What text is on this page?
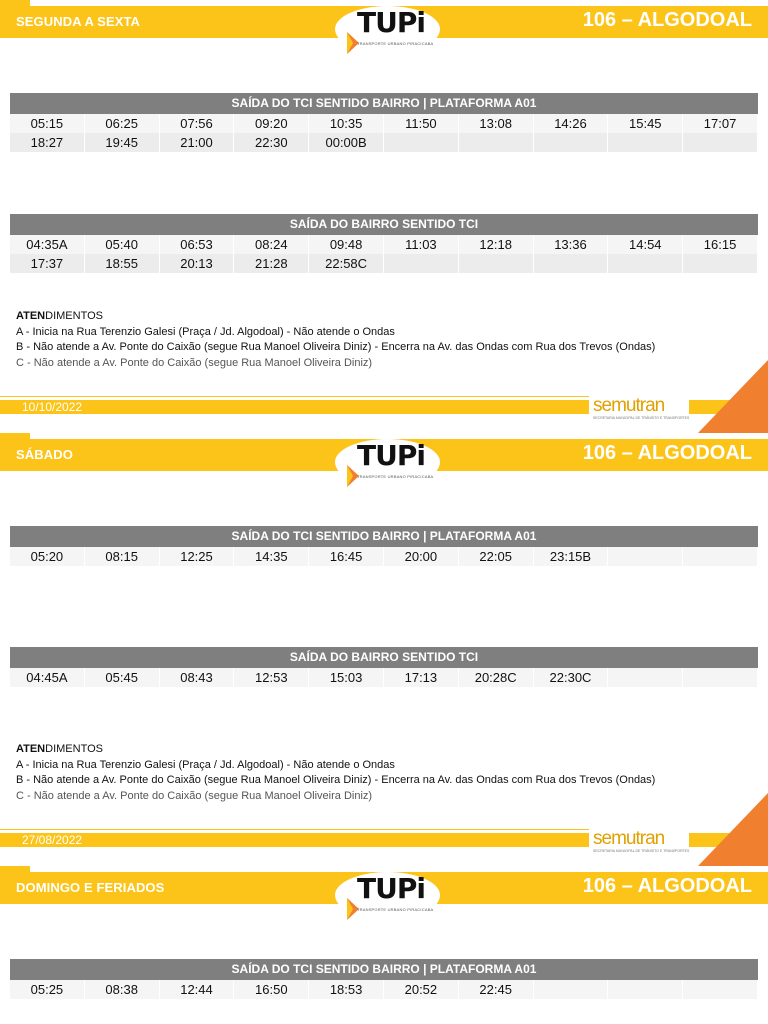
SEGUNDA A SEXTA	106 – ALGODOAL
TUPi
TRANSPORTE URBANO PIRACICABA
SAÍDA DO TCI SENTIDO BAIRRO | PLATAFORMA A01
05:15	06:25	07:56	09:20	10:35	11:50	13:08	14:26	15:45	17:07
18:27	19:45	21:00	22:30	00:00B
SAÍDA DO BAIRRO SENTIDO TCI
04:35A	05:40	06:53	08:24	09:48	11:03	12:18	13:36	14:54	16:15
17:37	18:55	20:13	21:28	22:58C
ATENDIMENTOS
A - Inicia na Rua Terenzio Galesi (Praça / Jd. Algodoal) - Não atende o Ondas
B - Não atende a Av. Ponte do Caixão (segue Rua Manoel Oliveira Diniz) - Encerra na Av. das Ondas com Rua dos Trevos (Ondas)
C - Não atende a Av. Ponte do Caixão (segue Rua Manoel Oliveira Diniz)
10/10/2022	semutran
SECRETARIA MUNICIPAL DE TRÂNSITO E TRANSPORTES
SÁBADO	106 – ALGODOAL
TUPi
TRANSPORTE URBANO PIRACICABA
SAÍDA DO TCI SENTIDO BAIRRO | PLATAFORMA A01
05:20	08:15	12:25	14:35	16:45	20:00	22:05	23:15B
SAÍDA DO BAIRRO SENTIDO TCI
04:45A	05:45	08:43	12:53	15:03	17:13	20:28C	22:30C
ATENDIMENTOS
A - Inicia na Rua Terenzio Galesi (Praça / Jd. Algodoal) - Não atende o Ondas
B - Não atende a Av. Ponte do Caixão (segue Rua Manoel Oliveira Diniz) - Encerra na Av. das Ondas com Rua dos Trevos (Ondas)
C - Não atende a Av. Ponte do Caixão (segue Rua Manoel Oliveira Diniz)
27/08/2022	semutran
SECRETARIA MUNICIPAL DE TRÂNSITO E TRANSPORTES
DOMINGO E FERIADOS	106 – ALGODOAL
TUPi
TRANSPORTE URBANO PIRACICABA
SAÍDA DO TCI SENTIDO BAIRRO | PLATAFORMA A01
05:25	08:38	12:44	16:50	18:53	20:52	22:45
